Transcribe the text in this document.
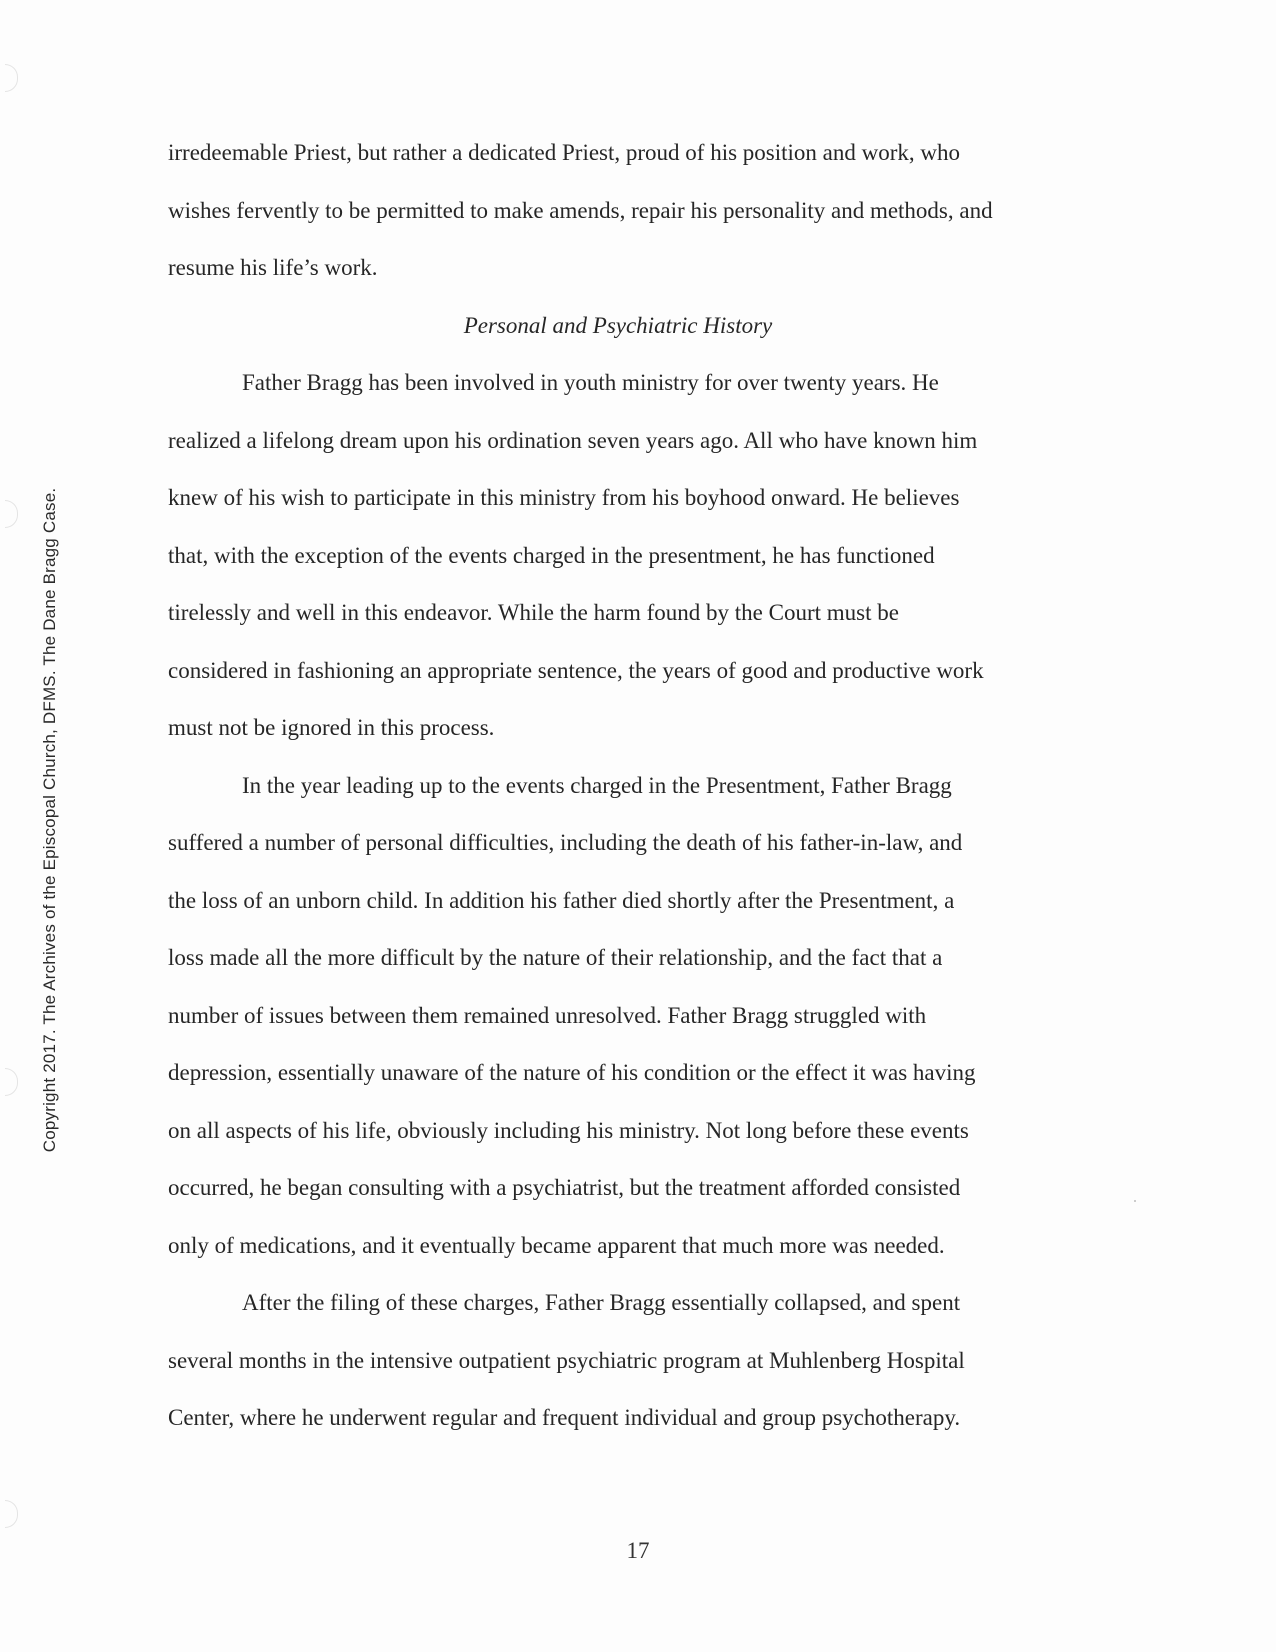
Copyright 2017. The Archives of the Episcopal Church, DFMS. The Dane Bragg Case.

irredeemable Priest, but rather a dedicated Priest, proud of his position and work, who

wishes fervently to be permitted to make amends, repair his personality and methods, and

resume his life’s work.

Personal and Psychiatric History

Father Bragg has been involved in youth ministry for over twenty years. He

realized a lifelong dream upon his ordination seven years ago. All who have known him

knew of his wish to participate in this ministry from his boyhood onward. He believes

that, with the exception of the events charged in the presentment, he has functioned

tirelessly and well in this endeavor. While the harm found by the Court must be

considered in fashioning an appropriate sentence, the years of good and productive work

must not be ignored in this process.

In the year leading up to the events charged in the Presentment, Father Bragg

suffered a number of personal difficulties, including the death of his father-in-law, and

the loss of an unborn child. In addition his father died shortly after the Presentment, a

loss made all the more difficult by the nature of their relationship, and the fact that a

number of issues between them remained unresolved. Father Bragg struggled with

depression, essentially unaware of the nature of his condition or the effect it was having

on all aspects of his life, obviously including his ministry. Not long before these events

occurred, he began consulting with a psychiatrist, but the treatment afforded consisted

only of medications, and it eventually became apparent that much more was needed.

After the filing of these charges, Father Bragg essentially collapsed, and spent

several months in the intensive outpatient psychiatric program at Muhlenberg Hospital

Center, where he underwent regular and frequent individual and group psychotherapy.

17
